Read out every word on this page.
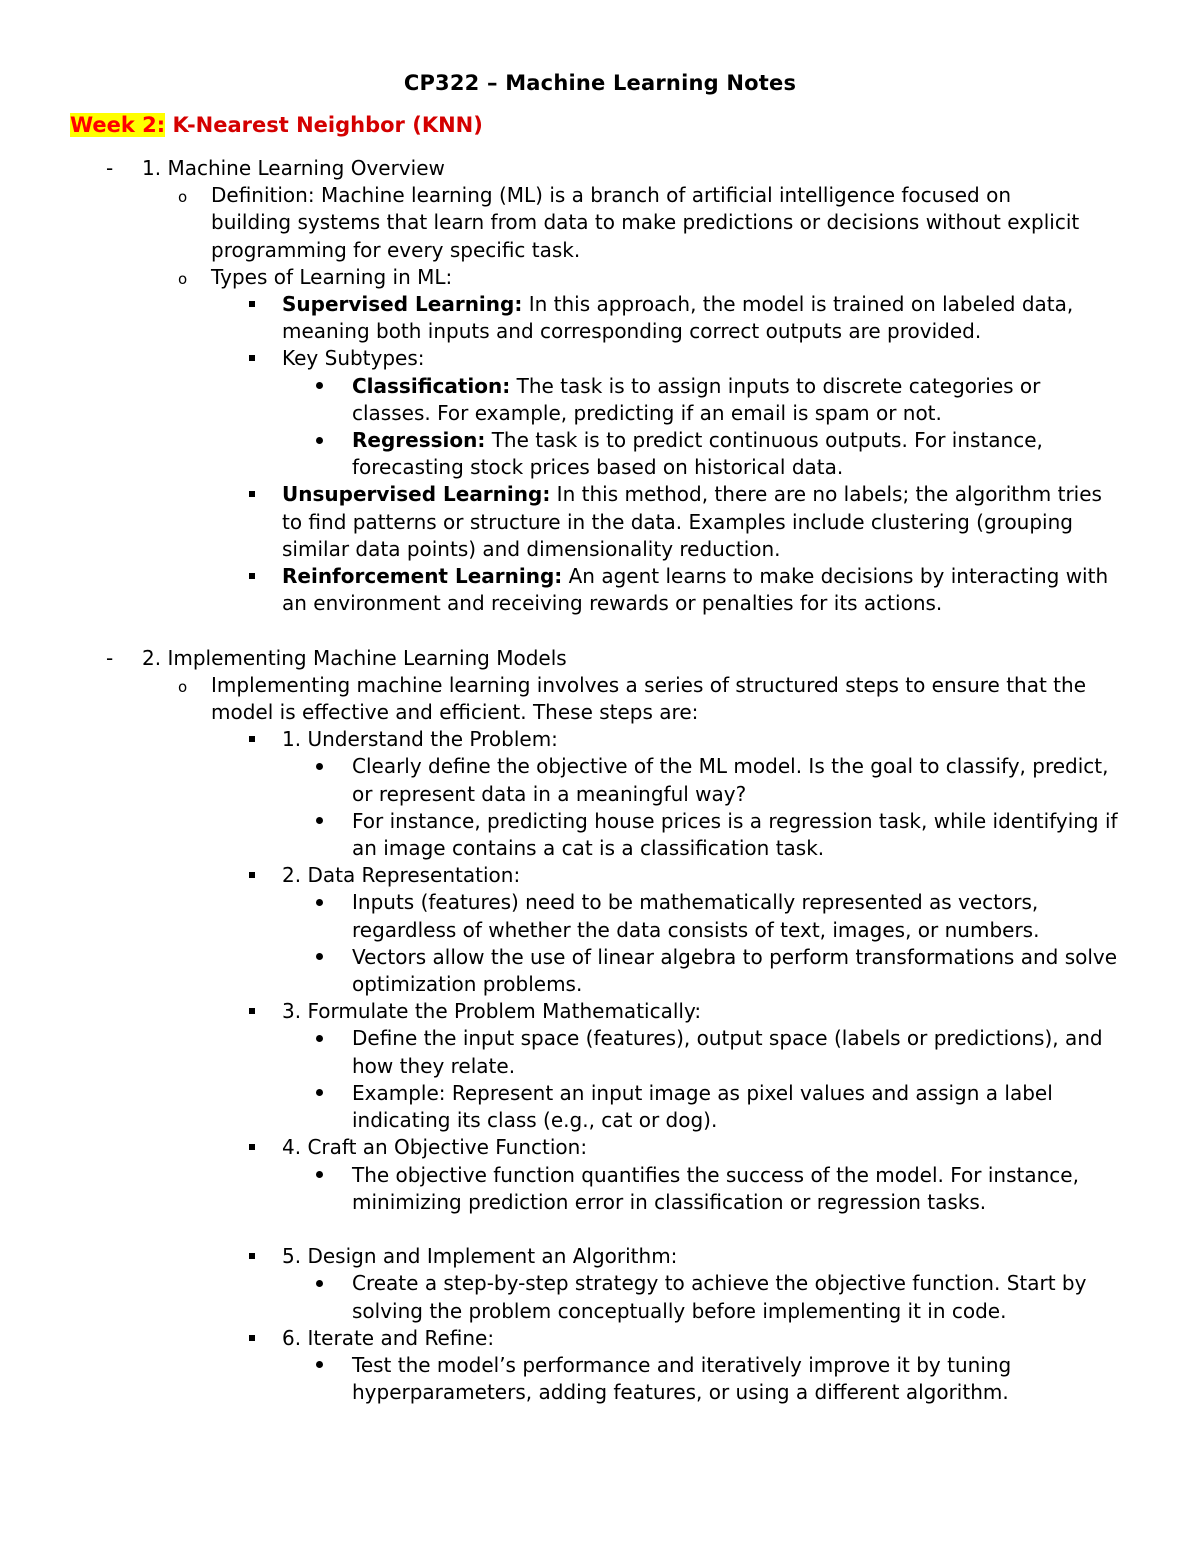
CP322 – Machine Learning Notes
Week 2: K-Nearest Neighbor (KNN)
- 1. Machine Learning Overview
o Definition: Machine learning (ML) is a branch of artificial intelligence focused on building systems that learn from data to make predictions or decisions without explicit programming for every specific task.
o Types of Learning in ML:
Supervised Learning: In this approach, the model is trained on labeled data, meaning both inputs and corresponding correct outputs are provided.
Key Subtypes:
Classification: The task is to assign inputs to discrete categories or classes. For example, predicting if an email is spam or not.
Regression: The task is to predict continuous outputs. For instance, forecasting stock prices based on historical data.
Unsupervised Learning: In this method, there are no labels; the algorithm tries to find patterns or structure in the data. Examples include clustering (grouping similar data points) and dimensionality reduction.
Reinforcement Learning: An agent learns to make decisions by interacting with an environment and receiving rewards or penalties for its actions.
- 2. Implementing Machine Learning Models
o Implementing machine learning involves a series of structured steps to ensure that the model is effective and efficient. These steps are:
1. Understand the Problem:
Clearly define the objective of the ML model. Is the goal to classify, predict, or represent data in a meaningful way?
For instance, predicting house prices is a regression task, while identifying if an image contains a cat is a classification task.
2. Data Representation:
Inputs (features) need to be mathematically represented as vectors, regardless of whether the data consists of text, images, or numbers.
Vectors allow the use of linear algebra to perform transformations and solve optimization problems.
3. Formulate the Problem Mathematically:
Define the input space (features), output space (labels or predictions), and how they relate.
Example: Represent an input image as pixel values and assign a label indicating its class (e.g., cat or dog).
4. Craft an Objective Function:
The objective function quantifies the success of the model. For instance, minimizing prediction error in classification or regression tasks.
5. Design and Implement an Algorithm:
Create a step-by-step strategy to achieve the objective function. Start by solving the problem conceptually before implementing it in code.
6. Iterate and Refine:
Test the model’s performance and iteratively improve it by tuning hyperparameters, adding features, or using a different algorithm.
